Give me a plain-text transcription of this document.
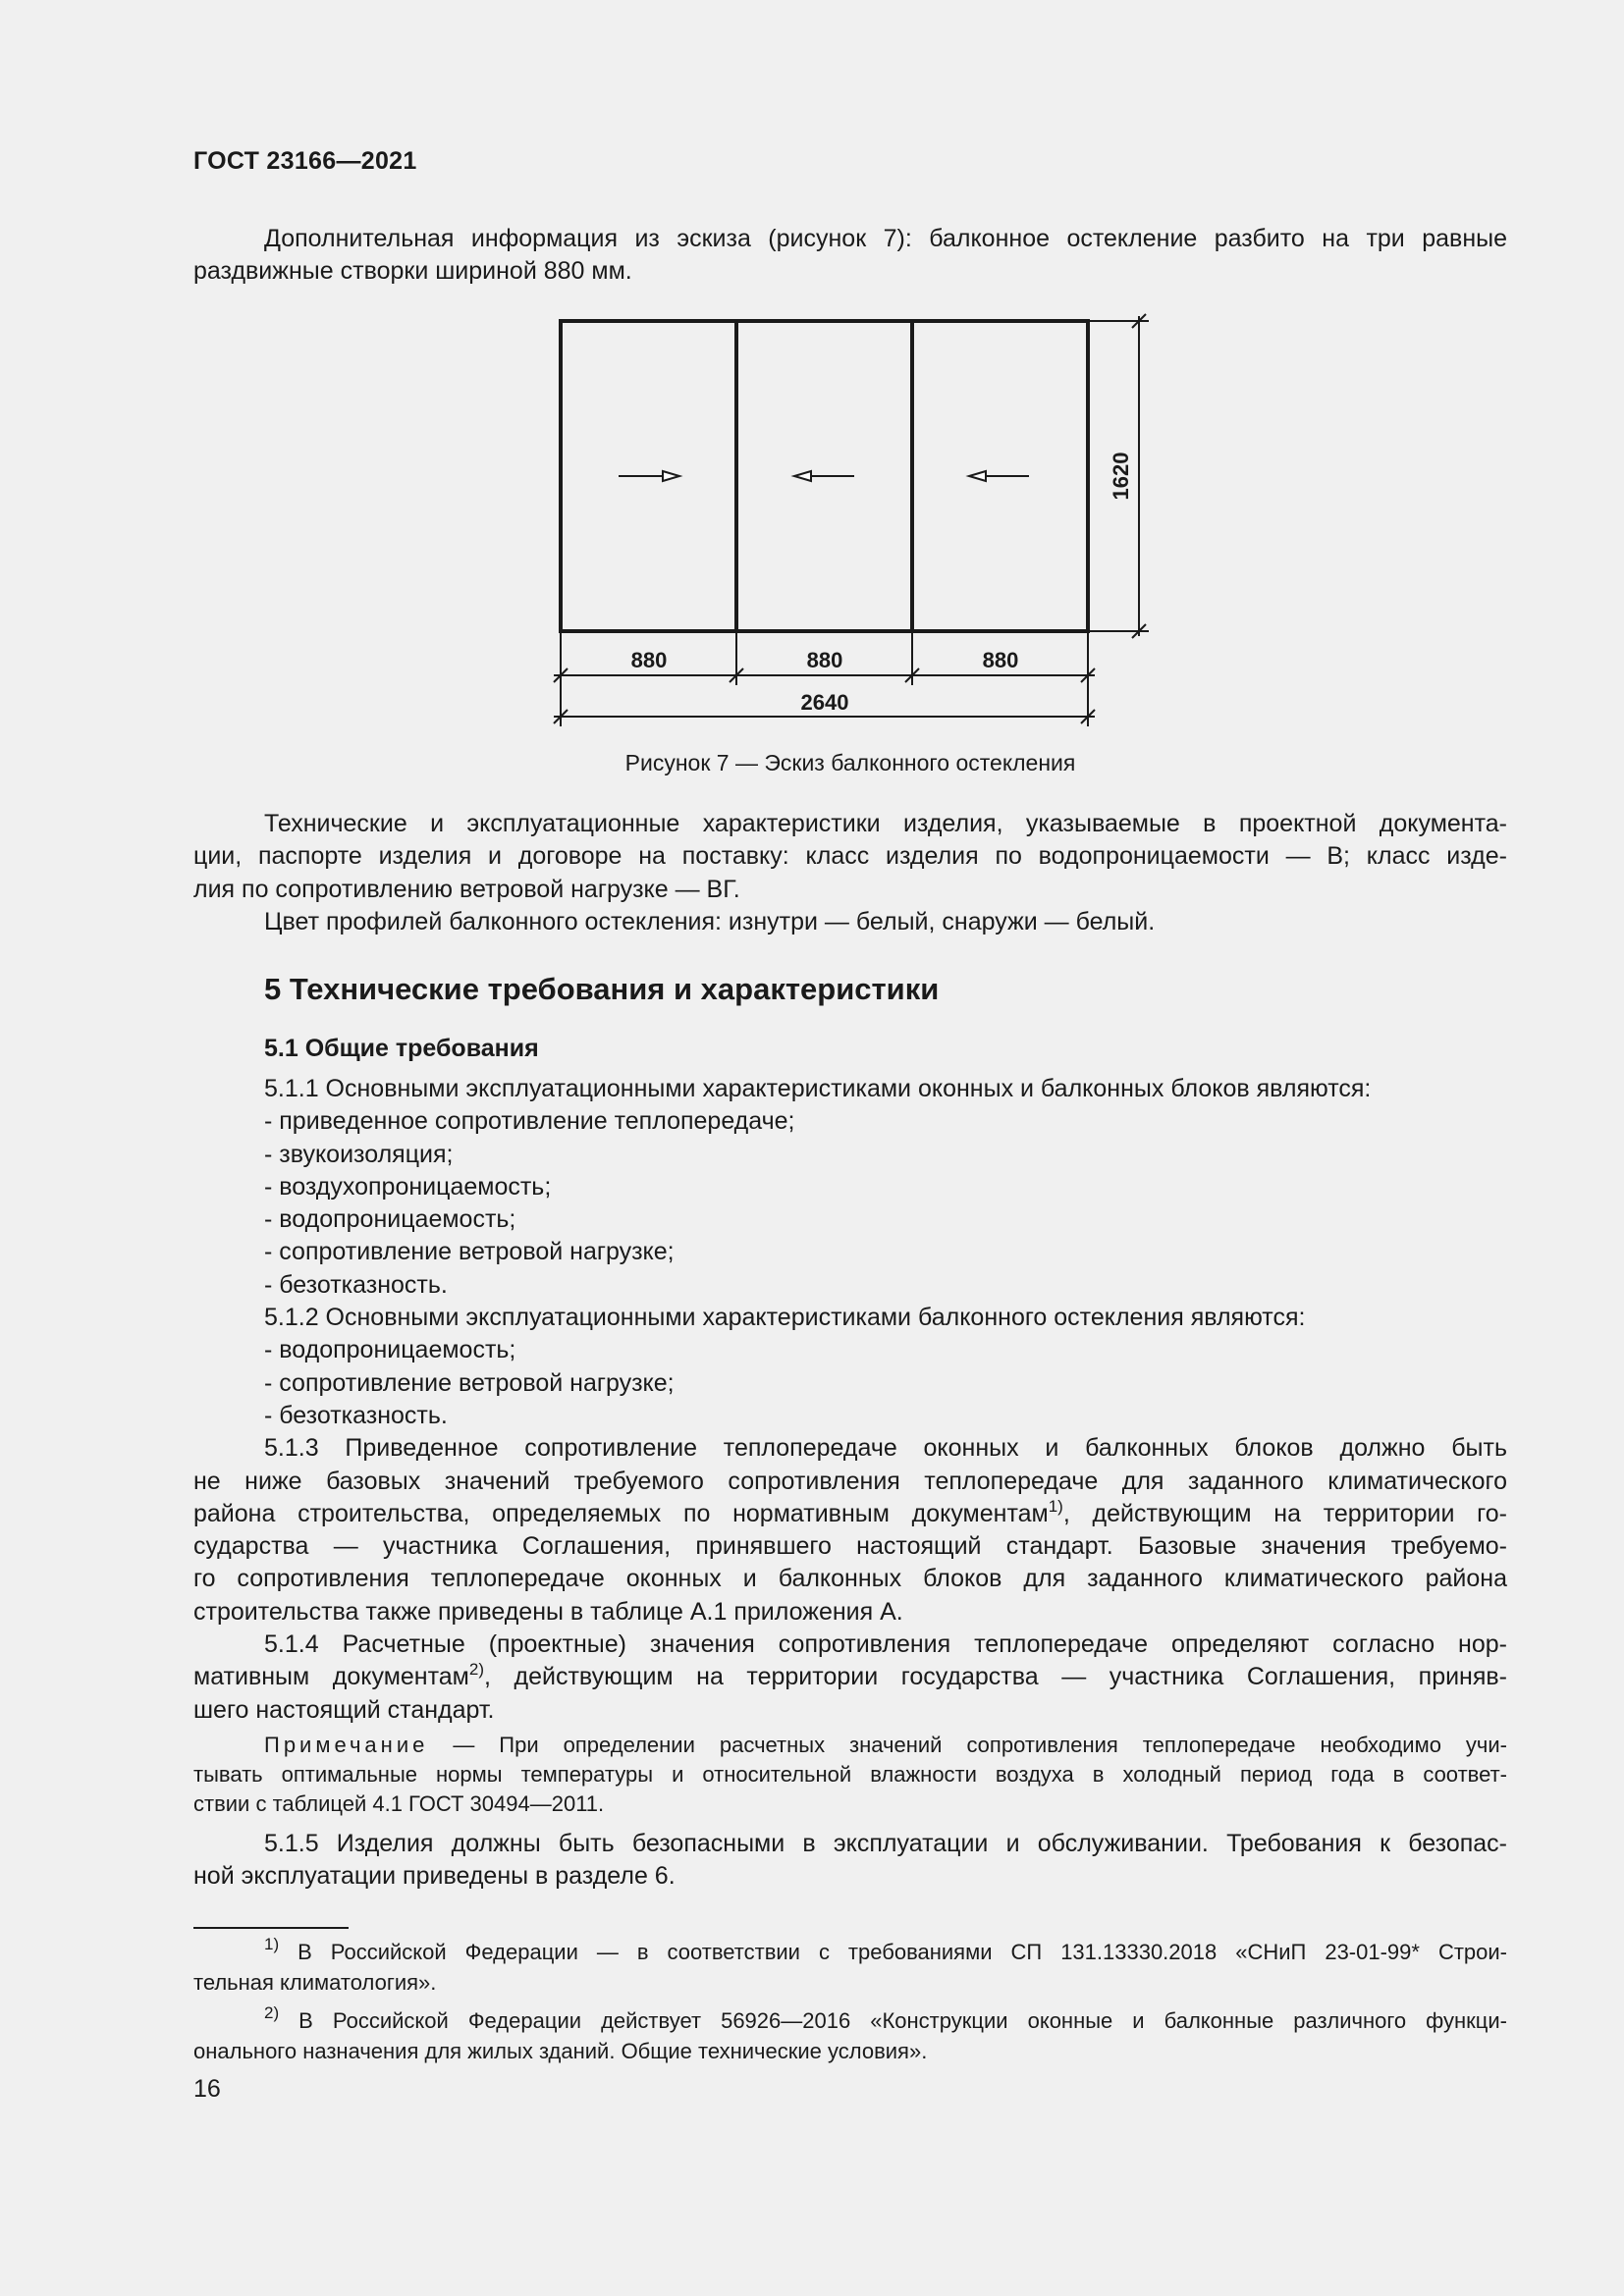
ГОСТ 23166—2021

Дополнительная информация из эскиза (рисунок 7): балконное остекление разбито на три равные

раздвижные створки шириной 880 мм.

1620
880	880	880
2640
Рисунок 7 — Эскиз балконного остекления

Технические и эксплуатационные характеристики изделия, указываемые в проектной документа-

ции, паспорте изделия и договоре на поставку: класс изделия по водопроницаемости — В; класс изде-

лия по сопротивлению ветровой нагрузке — ВГ.

Цвет профилей балконного остекления: изнутри — белый, снаружи — белый.

5 Технические требования и характеристики
5.1 Общие требования

5.1.1 Основными эксплуатационными характеристиками оконных и балконных блоков являются:

- приведенное сопротивление теплопередаче;

- звукоизоляция;

- воздухопроницаемость;

- водопроницаемость;

- сопротивление ветровой нагрузке;

- безотказность.

5.1.2 Основными эксплуатационными характеристиками балконного остекления являются:

- водопроницаемость;

- сопротивление ветровой нагрузке;

- безотказность.

5.1.3 Приведенное сопротивление теплопередаче оконных и балконных блоков должно быть

не ниже базовых значений требуемого сопротивления теплопередаче для заданного климатического

района строительства, определяемых по нормативным документам$^{1)}$, действующим на территории го-

сударства — участника Соглашения, принявшего настоящий стандарт. Базовые значения требуемо-

го сопротивления теплопередаче оконных и балконных блоков для заданного климатического района

строительства также приведены в таблице А.1 приложения А.

5.1.4 Расчетные (проектные) значения сопротивления теплопередаче определяют согласно нор-

мативным документам$^{2)}$, действующим на территории государства — участника Соглашения, приняв-

шего настоящий стандарт.

Примечание — При определении расчетных значений сопротивления теплопередаче необходимо учи-

тывать оптимальные нормы температуры и относительной влажности воздуха в холодный период года в соответ-

ствии с таблицей 4.1 ГОСТ 30494—2011.

5.1.5 Изделия должны быть безопасными в эксплуатации и обслуживании. Требования к безопас-

ной эксплуатации приведены в разделе 6.

$^{1)}$ В Российской Федерации — в соответствии с требованиями СП 131.13330.2018 «СНиП 23-01-99* Строи-

тельная климатология».

$^{2)}$ В Российской Федерации действует 56926—2016 «Конструкции оконные и балконные различного функци-

онального назначения для жилых зданий. Общие технические условия».

16
